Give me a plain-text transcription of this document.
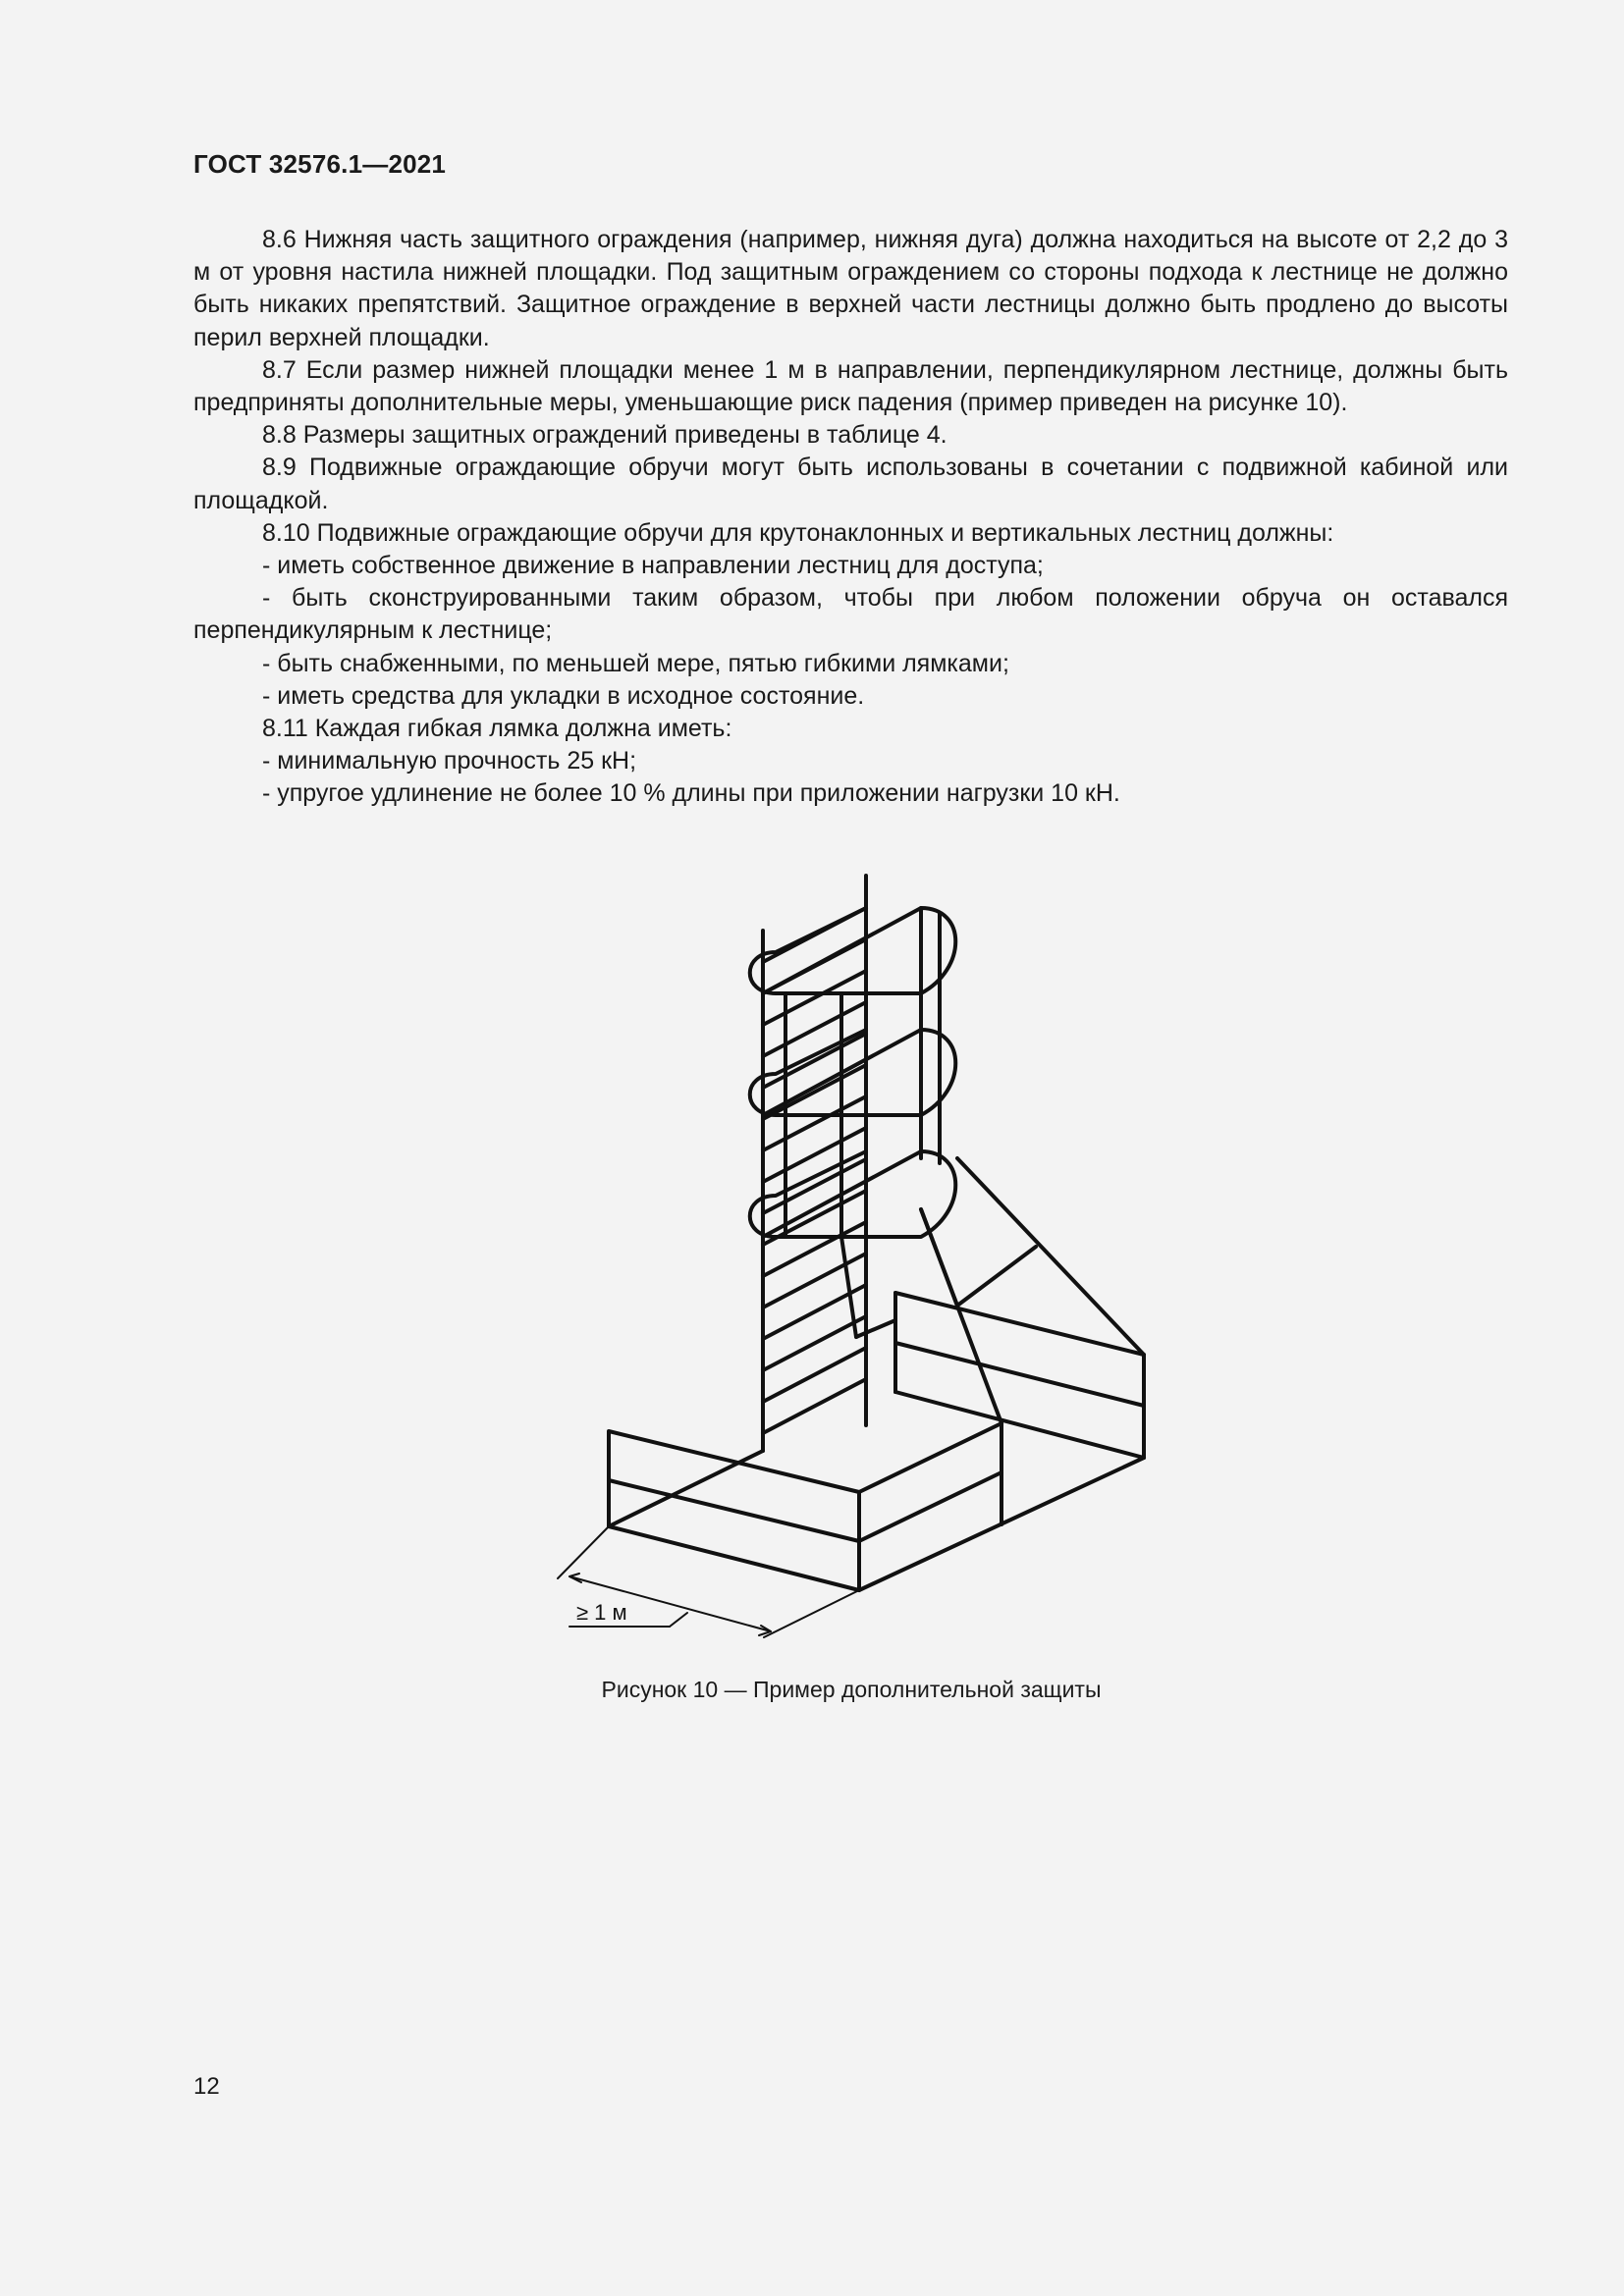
ГОСТ 32576.1—2021

8.6 Нижняя часть защитного ограждения (например, нижняя дуга) должна находиться на высоте от 2,2 до 3 м от уровня настила нижней площадки. Под защитным ограждением со стороны подхода к лестнице не должно быть никаких препятствий. Защитное ограждение в верхней части лестницы должно быть продлено до высоты перил верхней площадки.

8.7 Если размер нижней площадки менее 1 м в направлении, перпендикулярном лестнице, должны быть предприняты дополнительные меры, уменьшающие риск падения (пример приведен на рисунке 10).

8.8 Размеры защитных ограждений приведены в таблице 4.

8.9 Подвижные ограждающие обручи могут быть использованы в сочетании с подвижной кабиной или площадкой.

8.10 Подвижные ограждающие обручи для крутонаклонных и вертикальных лестниц должны:

- иметь собственное движение в направлении лестниц для доступа;

- быть сконструированными таким образом, чтобы при любом положении обруча он оставался перпендикулярным к лестнице;

- быть снабженными, по меньшей мере, пятью гибкими лямками;

- иметь средства для укладки в исходное состояние.

8.11 Каждая гибкая лямка должна иметь:

- минимальную прочность 25 кН;

- упругое удлинение не более 10 % длины при приложении нагрузки 10 кН.

≥ 1 м
Рисунок 10 — Пример дополнительной защиты
12
